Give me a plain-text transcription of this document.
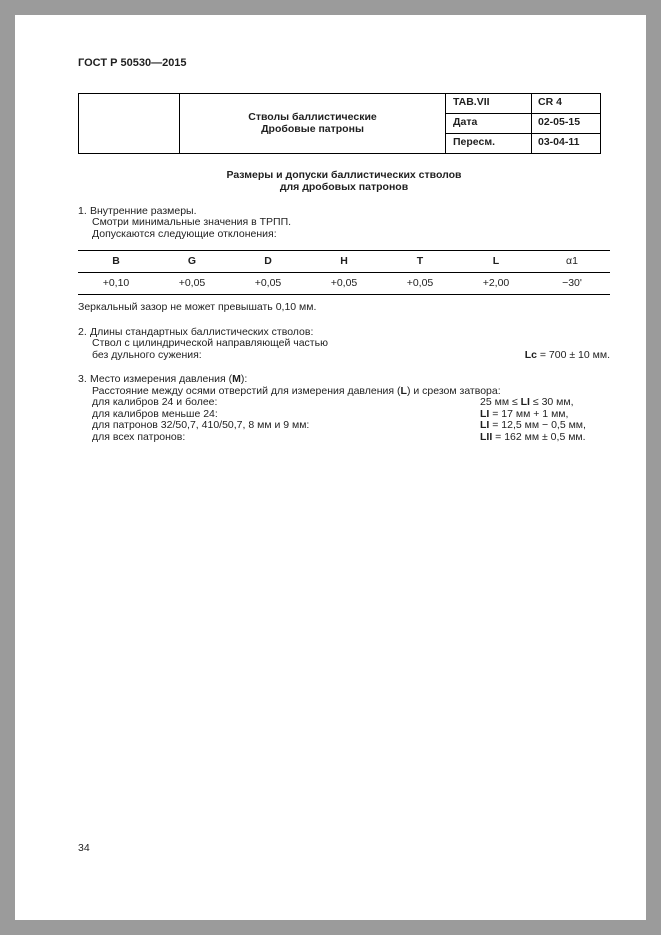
ГОСТ Р 50530—2015

	Стволы баллистические
Дробовые патроны	TAB.VII	CR 4
		Дата	02-05-15
		Пересм.	03-04-11
Размеры и допуски баллистических стволов
для дробовых патронов
1. Внутренние размеры.
Смотри минимальные значения в ТРПП.
Допускаются следующие отклонения:
B	G	D	H	T	L	α1
+0,10	+0,05	+0,05	+0,05	+0,05	+2,00	−30'
Зеркальный зазор не может превышать 0,10 мм.
2. Длины стандартных баллистических стволов:
Ствол с цилиндрической направляющей частью
без дульного сужения:	Lc = 700 ± 10 мм.
3. Место измерения давления (M):
Расстояние между осями отверстий для измерения давления (L) и срезом затвора:
для калибров 24 и более:	25 мм ≤ LI ≤ 30 мм,
для калибров меньше 24:	LI = 17 мм + 1 мм,
для патронов 32/50,7, 410/50,7, 8 мм и 9 мм:	LI = 12,5 мм − 0,5 мм,
для всех патронов:	LII = 162 мм ± 0,5 мм.
34
